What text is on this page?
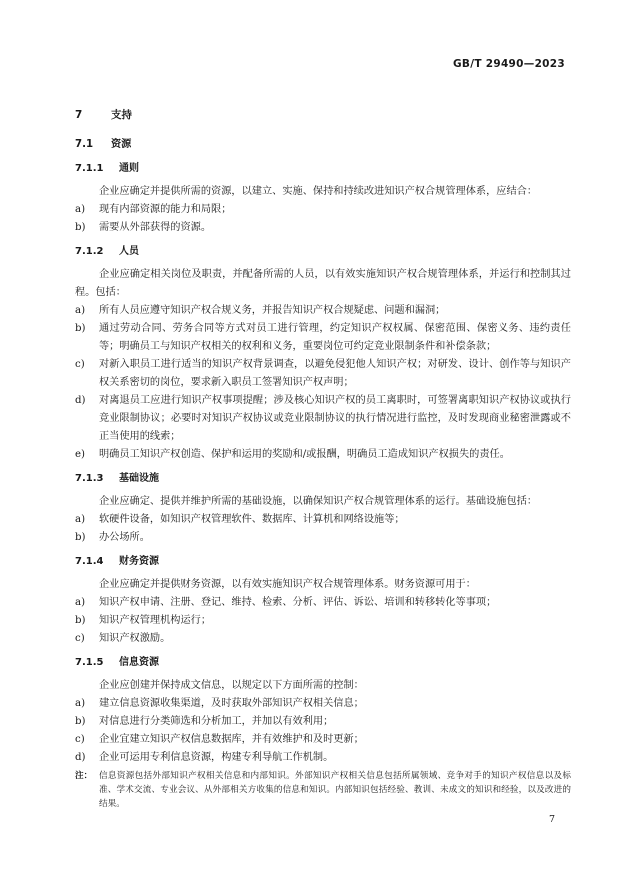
GB/T 29490—2023
7	支持
7.1 资源
7.1.1 通则

企业应确定并提供所需的资源，以建立、实施、保持和持续改进知识产权合规管理体系，应结合：

a)	现有内部资源的能力和局限；
b)	需要从外部获得的资源。
7.1.2 人员

企业应确定相关岗位及职责，并配备所需的人员，以有效实施知识产权合规管理体系，并运行和控制其过程。包括：

a)	所有人员应遵守知识产权合规义务，并报告知识产权合规疑虑、问题和漏洞；
b)	通过劳动合同、劳务合同等方式对员工进行管理，约定知识产权权属、保密范围、保密义务、违约责任等；明确员工与知识产权相关的权利和义务，重要岗位可约定竞业限制条件和补偿条款；
c)	对新入职员工进行适当的知识产权背景调查，以避免侵犯他人知识产权；对研发、设计、创作等与知识产权关系密切的岗位，要求新入职员工签署知识产权声明；
d)	对离退员工应进行知识产权事项提醒；涉及核心知识产权的员工离职时，可签署离职知识产权协议或执行竞业限制协议；必要时对知识产权协议或竞业限制协议的执行情况进行监控，及时发现商业秘密泄露或不正当使用的线索；
e)	明确员工知识产权创造、保护和运用的奖励和/或报酬，明确员工造成知识产权损失的责任。
7.1.3 基础设施

企业应确定、提供并维护所需的基础设施，以确保知识产权合规管理体系的运行。基础设施包括：

a)	软硬件设备，如知识产权管理软件、数据库、计算机和网络设施等；
b)	办公场所。
7.1.4 财务资源

企业应确定并提供财务资源，以有效实施知识产权合规管理体系。财务资源可用于：

a)	知识产权申请、注册、登记、维持、检索、分析、评估、诉讼、培训和转移转化等事项；
b)	知识产权管理机构运行；
c)	知识产权激励。
7.1.5 信息资源

企业应创建并保持成文信息，以规定以下方面所需的控制：

a)	建立信息资源收集渠道，及时获取外部知识产权相关信息；
b)	对信息进行分类筛选和分析加工，并加以有效利用；
c)	企业宜建立知识产权信息数据库，并有效维护和及时更新；
d)	企业可运用专利信息资源，构建专利导航工作机制。
注： 信息资源包括外部知识产权相关信息和内部知识。外部知识产权相关信息包括所属领域、竞争对手的知识产权信息以及标准、学术交流、专业会议、从外部相关方收集的信息和知识。内部知识包括经验、教训、未成文的知识和经验，以及改进的结果。
7
